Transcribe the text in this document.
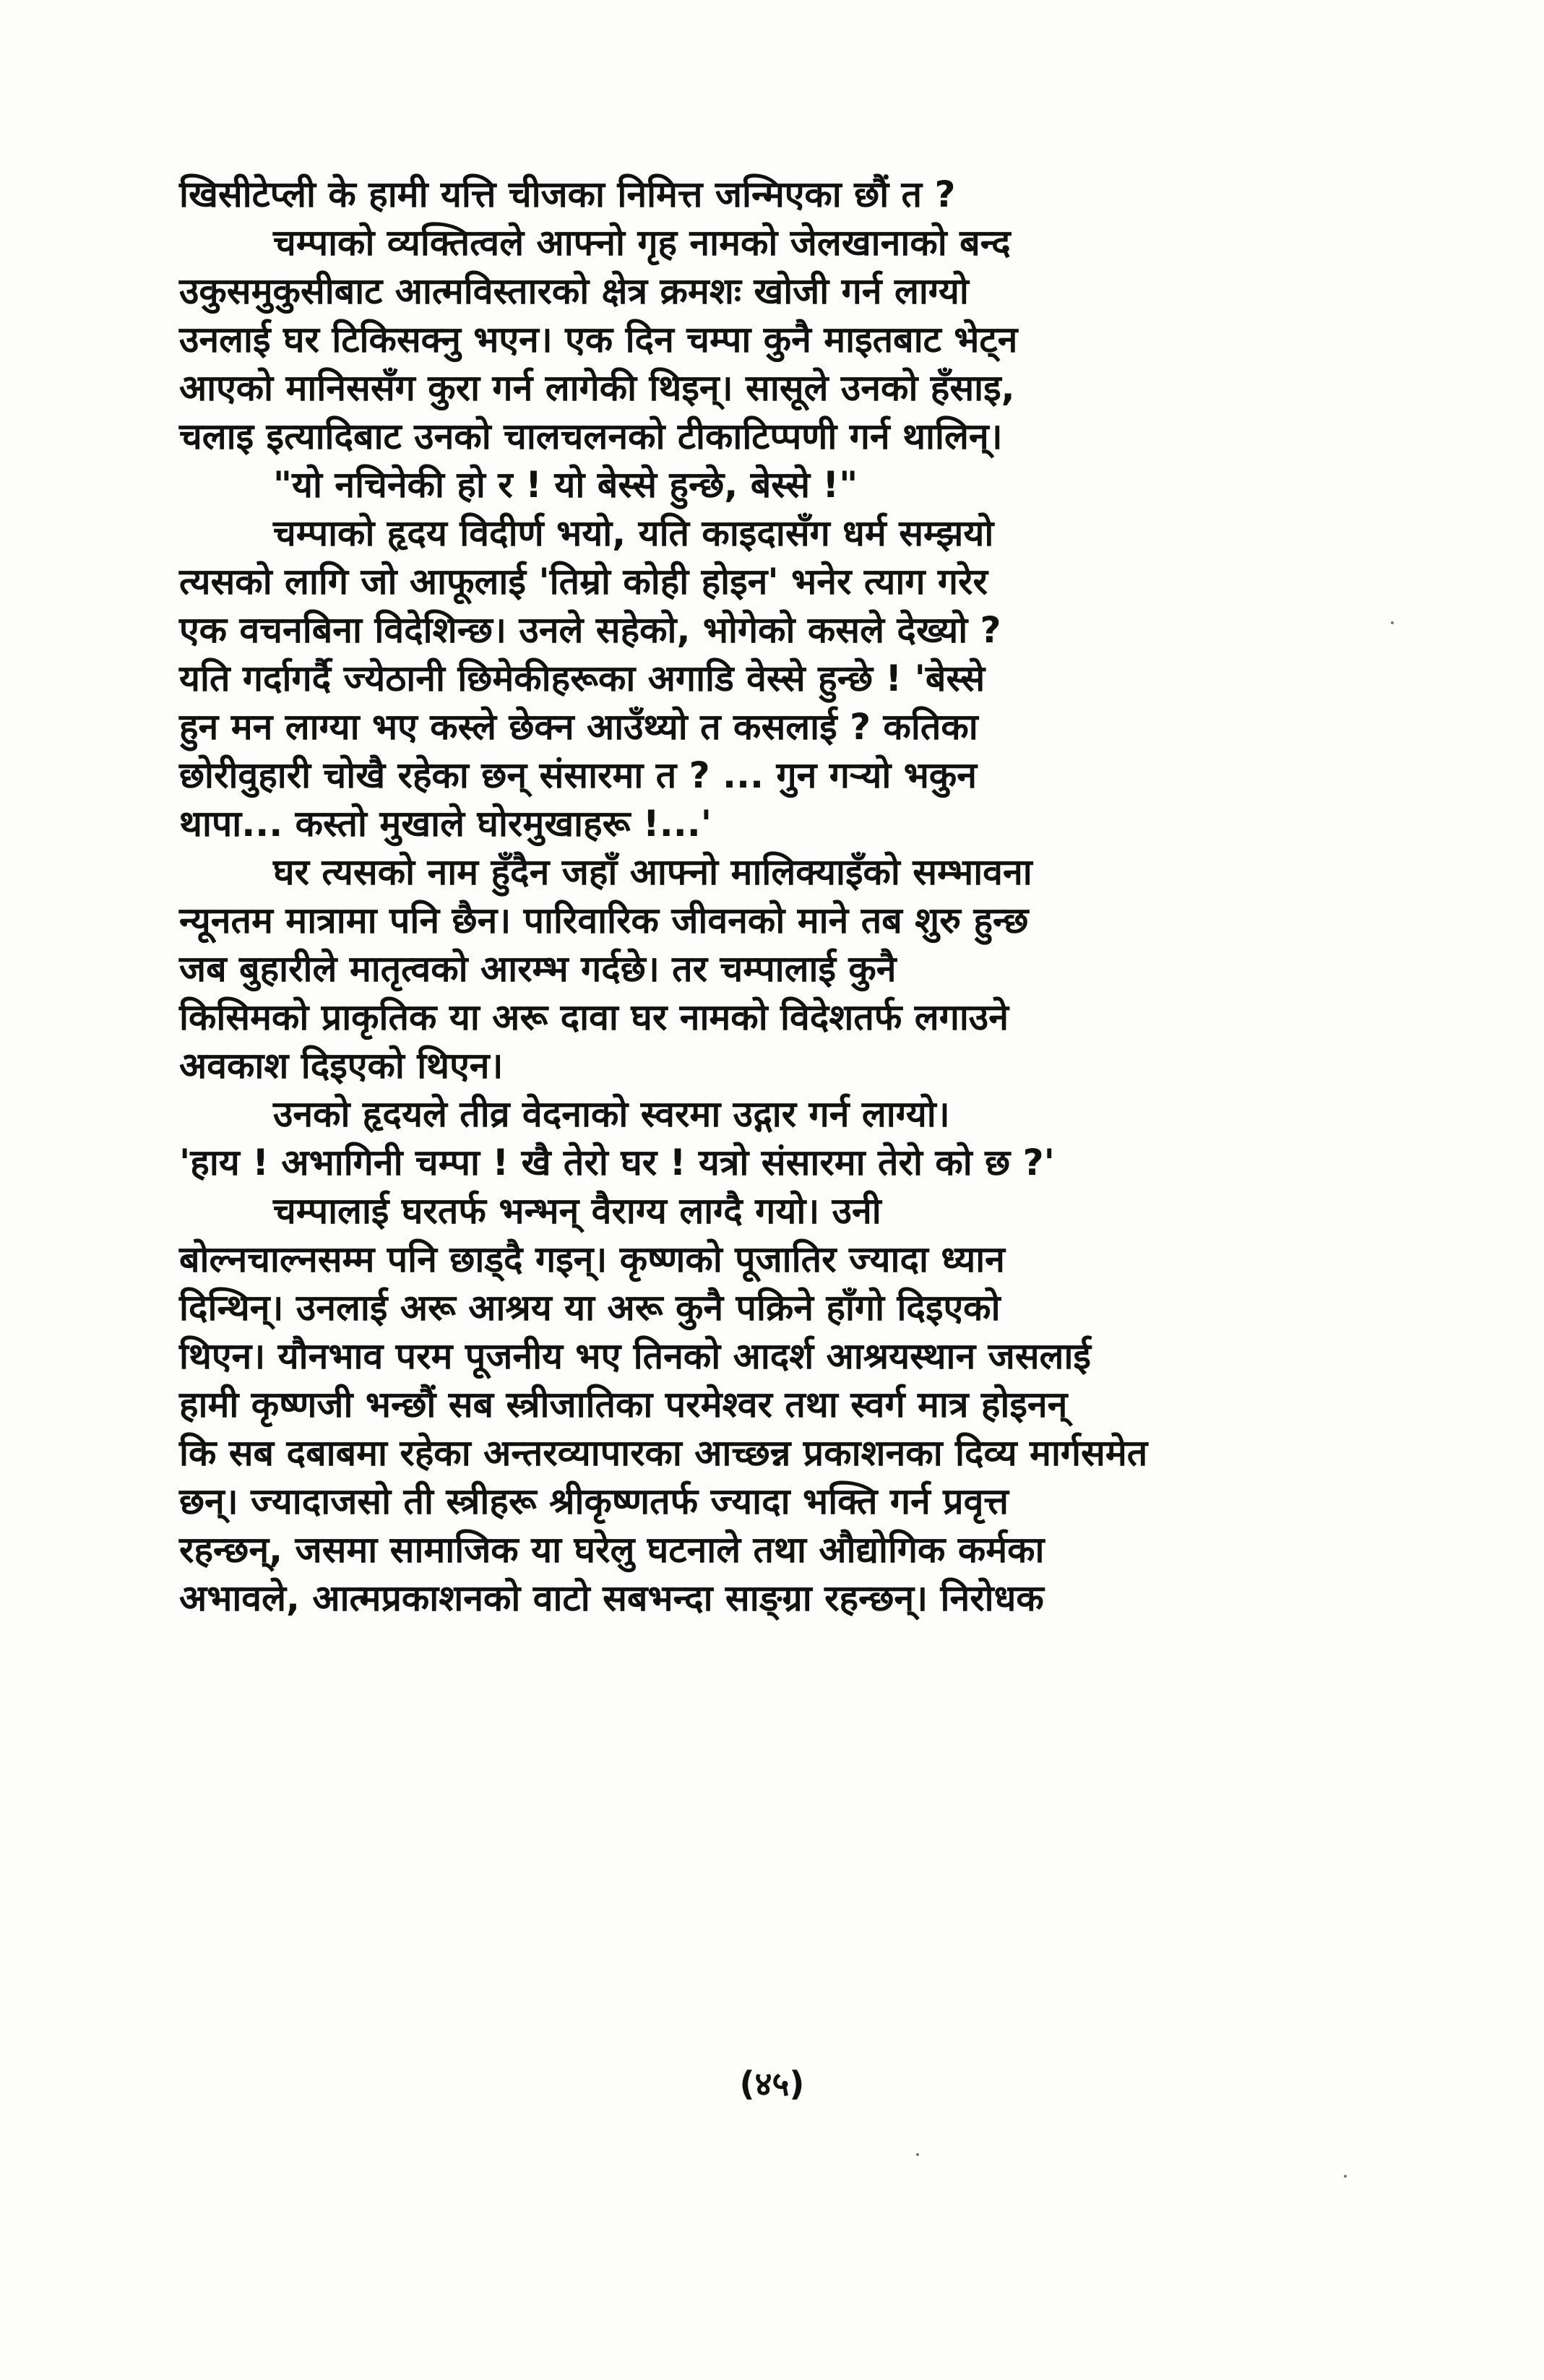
खिसीटेप्ली के हामी यत्ति चीजका निमित्त जन्मिएका छौं त ?
चम्पाको व्यक्तित्वले आफ्नो गृह नामको जेलखानाको बन्द
उकुसमुकुसीबाट आत्मविस्तारको क्षेत्र क्रमशः खोजी गर्न लाग्यो
उनलाई घर टिकिसक्नु भएन। एक दिन चम्पा कुनै माइतबाट भेट्न
आएको मानिससँग कुरा गर्न लागेकी थिइन्। सासूले उनको हँसाइ,
चलाइ इत्यादिबाट उनको चालचलनको टीकाटिप्पणी गर्न थालिन्।
"यो नचिनेकी हो र ! यो बेस्से हुन्छे, बेस्से !"
चम्पाको हृदय विदीर्ण भयो, यति काइदासँग धर्म सम्झयो
त्यसको लागि जो आफूलाई 'तिम्रो कोही होइन' भनेर त्याग गरेर
एक वचनबिना विदेशिन्छ। उनले सहेको, भोगेको कसले देख्यो ?
यति गर्दागर्दै ज्येठानी छिमेकीहरूका अगाडि वेस्से हुन्छे ! 'बेस्से
हुन मन लाग्या भए कस्ले छेक्न आउँथ्यो त कसलाई ? कतिका
छोरीवुहारी चोखै रहेका छन् संसारमा त ? ... गुन गऱ्यो भकुन
थापा... कस्तो मुखाले घोरमुखाहरू !...'
घर त्यसको नाम हुँदैन जहाँ आफ्नो मालिक्याइँको सम्भावना
न्यूनतम मात्रामा पनि छैन। पारिवारिक जीवनको माने तब शुरु हुन्छ
जब बुहारीले मातृत्वको आरम्भ गर्दछे। तर चम्पालाई कुनै
किसिमको प्राकृतिक या अरू दावा घर नामको विदेशतर्फ लगाउने
अवकाश दिइएको थिएन।
उनको हृदयले तीव्र वेदनाको स्वरमा उद्गार गर्न लाग्यो।
'हाय ! अभागिनी चम्पा ! खै तेरो घर ! यत्रो संसारमा तेरो को छ ?'
चम्पालाई घरतर्फ भन्भन् वैराग्य लाग्दै गयो। उनी
बोल्नचाल्नसम्म पनि छाड्दै गइन्। कृष्णको पूजातिर ज्यादा ध्यान
दिन्थिन्। उनलाई अरू आश्रय या अरू कुनै पक्रिने हाँगो दिइएको
थिएन। यौनभाव परम पूजनीय भए तिनको आदर्श आश्रयस्थान जसलाई
हामी कृष्णजी भन्छौं सब स्त्रीजातिका परमेश्वर तथा स्वर्ग मात्र होइनन्
कि सब दबाबमा रहेका अन्तरव्यापारका आच्छन्न प्रकाशनका दिव्य मार्गसमेत
छन्। ज्यादाजसो ती स्त्रीहरू श्रीकृष्णतर्फ ज्यादा भक्ति गर्न प्रवृत्त
रहन्छन्, जसमा सामाजिक या घरेलु घटनाले तथा औद्योगिक कर्मका
अभावले, आत्मप्रकाशनको वाटो सबभन्दा साङ्ग्रा रहन्छन्। निरोधक
(४५)
